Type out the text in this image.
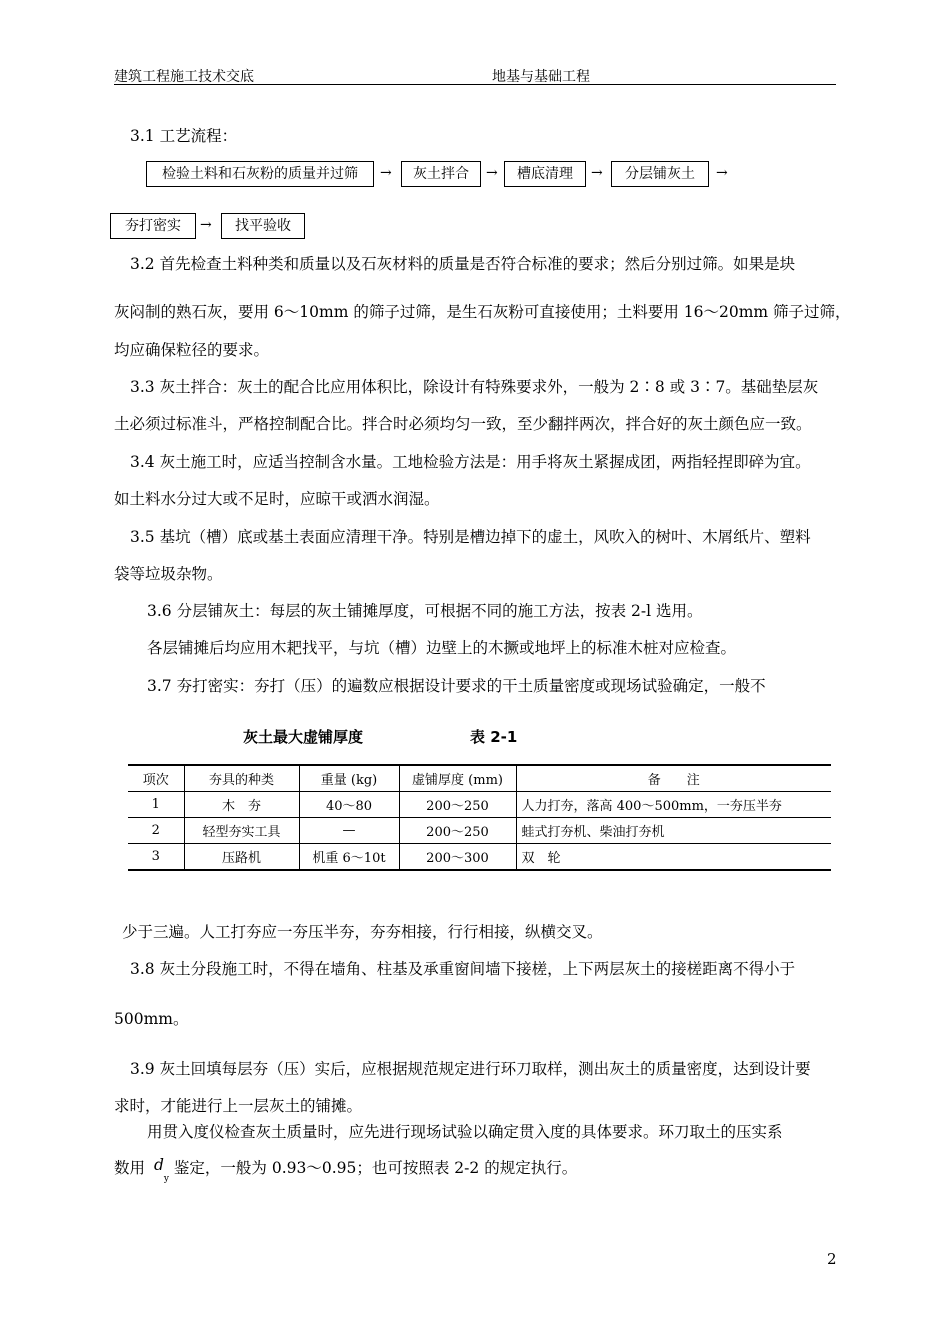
建筑工程施工技术交底	地基与基础工程
3.1 工艺流程：
检验土料和石灰粉的质量并过筛	→	灰土拌合	→	槽底清理	→	分层铺灰土	→
夯打密实	→	找平验收
3.2 首先检查土料种类和质量以及石灰材料的质量是否符合标准的要求；然后分别过筛。如果是块
灰闷制的熟石灰，要用 6～10mm 的筛子过筛，是生石灰粉可直接使用；土料要用 16～20mm 筛子过筛，
均应确保粒径的要求。
3.3 灰土拌合：灰土的配合比应用体积比，除设计有特殊要求外，一般为 2∶8 或 3∶7。基础垫层灰
土必须过标准斗，严格控制配合比。拌合时必须均匀一致，至少翻拌两次，拌合好的灰土颜色应一致。
3.4 灰土施工时，应适当控制含水量。工地检验方法是：用手将灰土紧握成团，两指轻捏即碎为宜。
如土料水分过大或不足时，应晾干或洒水润湿。
3.5 基坑（槽）底或基土表面应清理干净。特别是槽边掉下的虚土，风吹入的树叶、木屑纸片、塑料
袋等垃圾杂物。
3.6 分层铺灰土：每层的灰土铺摊厚度，可根据不同的施工方法，按表 2-l 选用。
各层铺摊后均应用木耙找平，与坑（槽）边壁上的木撅或地坪上的标准木桩对应检查。
3.7 夯打密实：夯打（压）的遍数应根据设计要求的干土质量密度或现场试验确定，一般不
灰土最大虚铺厚度	表 2-1
项次	夯具的种类	重量 (kg)	虚铺厚度 (mm)	备　　注
1	木　夯	40～80	200～250	人力打夯，落高 400～500mm，一夯压半夯
2	轻型夯实工具	—	200～250	蛙式打夯机、柴油打夯机
3	压路机	机重 6～10t	200～300	双　轮
少于三遍。人工打夯应一夯压半夯，夯夯相接，行行相接，纵横交叉。
3.8 灰土分段施工时，不得在墙角、柱基及承重窗间墙下接槎，上下两层灰土的接槎距离不得小于
500mm。
3.9 灰土回填每层夯（压）实后，应根据规范规定进行环刀取样，测出灰土的质量密度，达到设计要
求时，才能进行上一层灰土的铺摊。
用贯入度仪检查灰土质量时，应先进行现场试验以确定贯入度的具体要求。环刀取土的压实系
数用 $d_y$ 鉴定，一般为 0.93～0.95；也可按照表 2-2 的规定执行。
2
